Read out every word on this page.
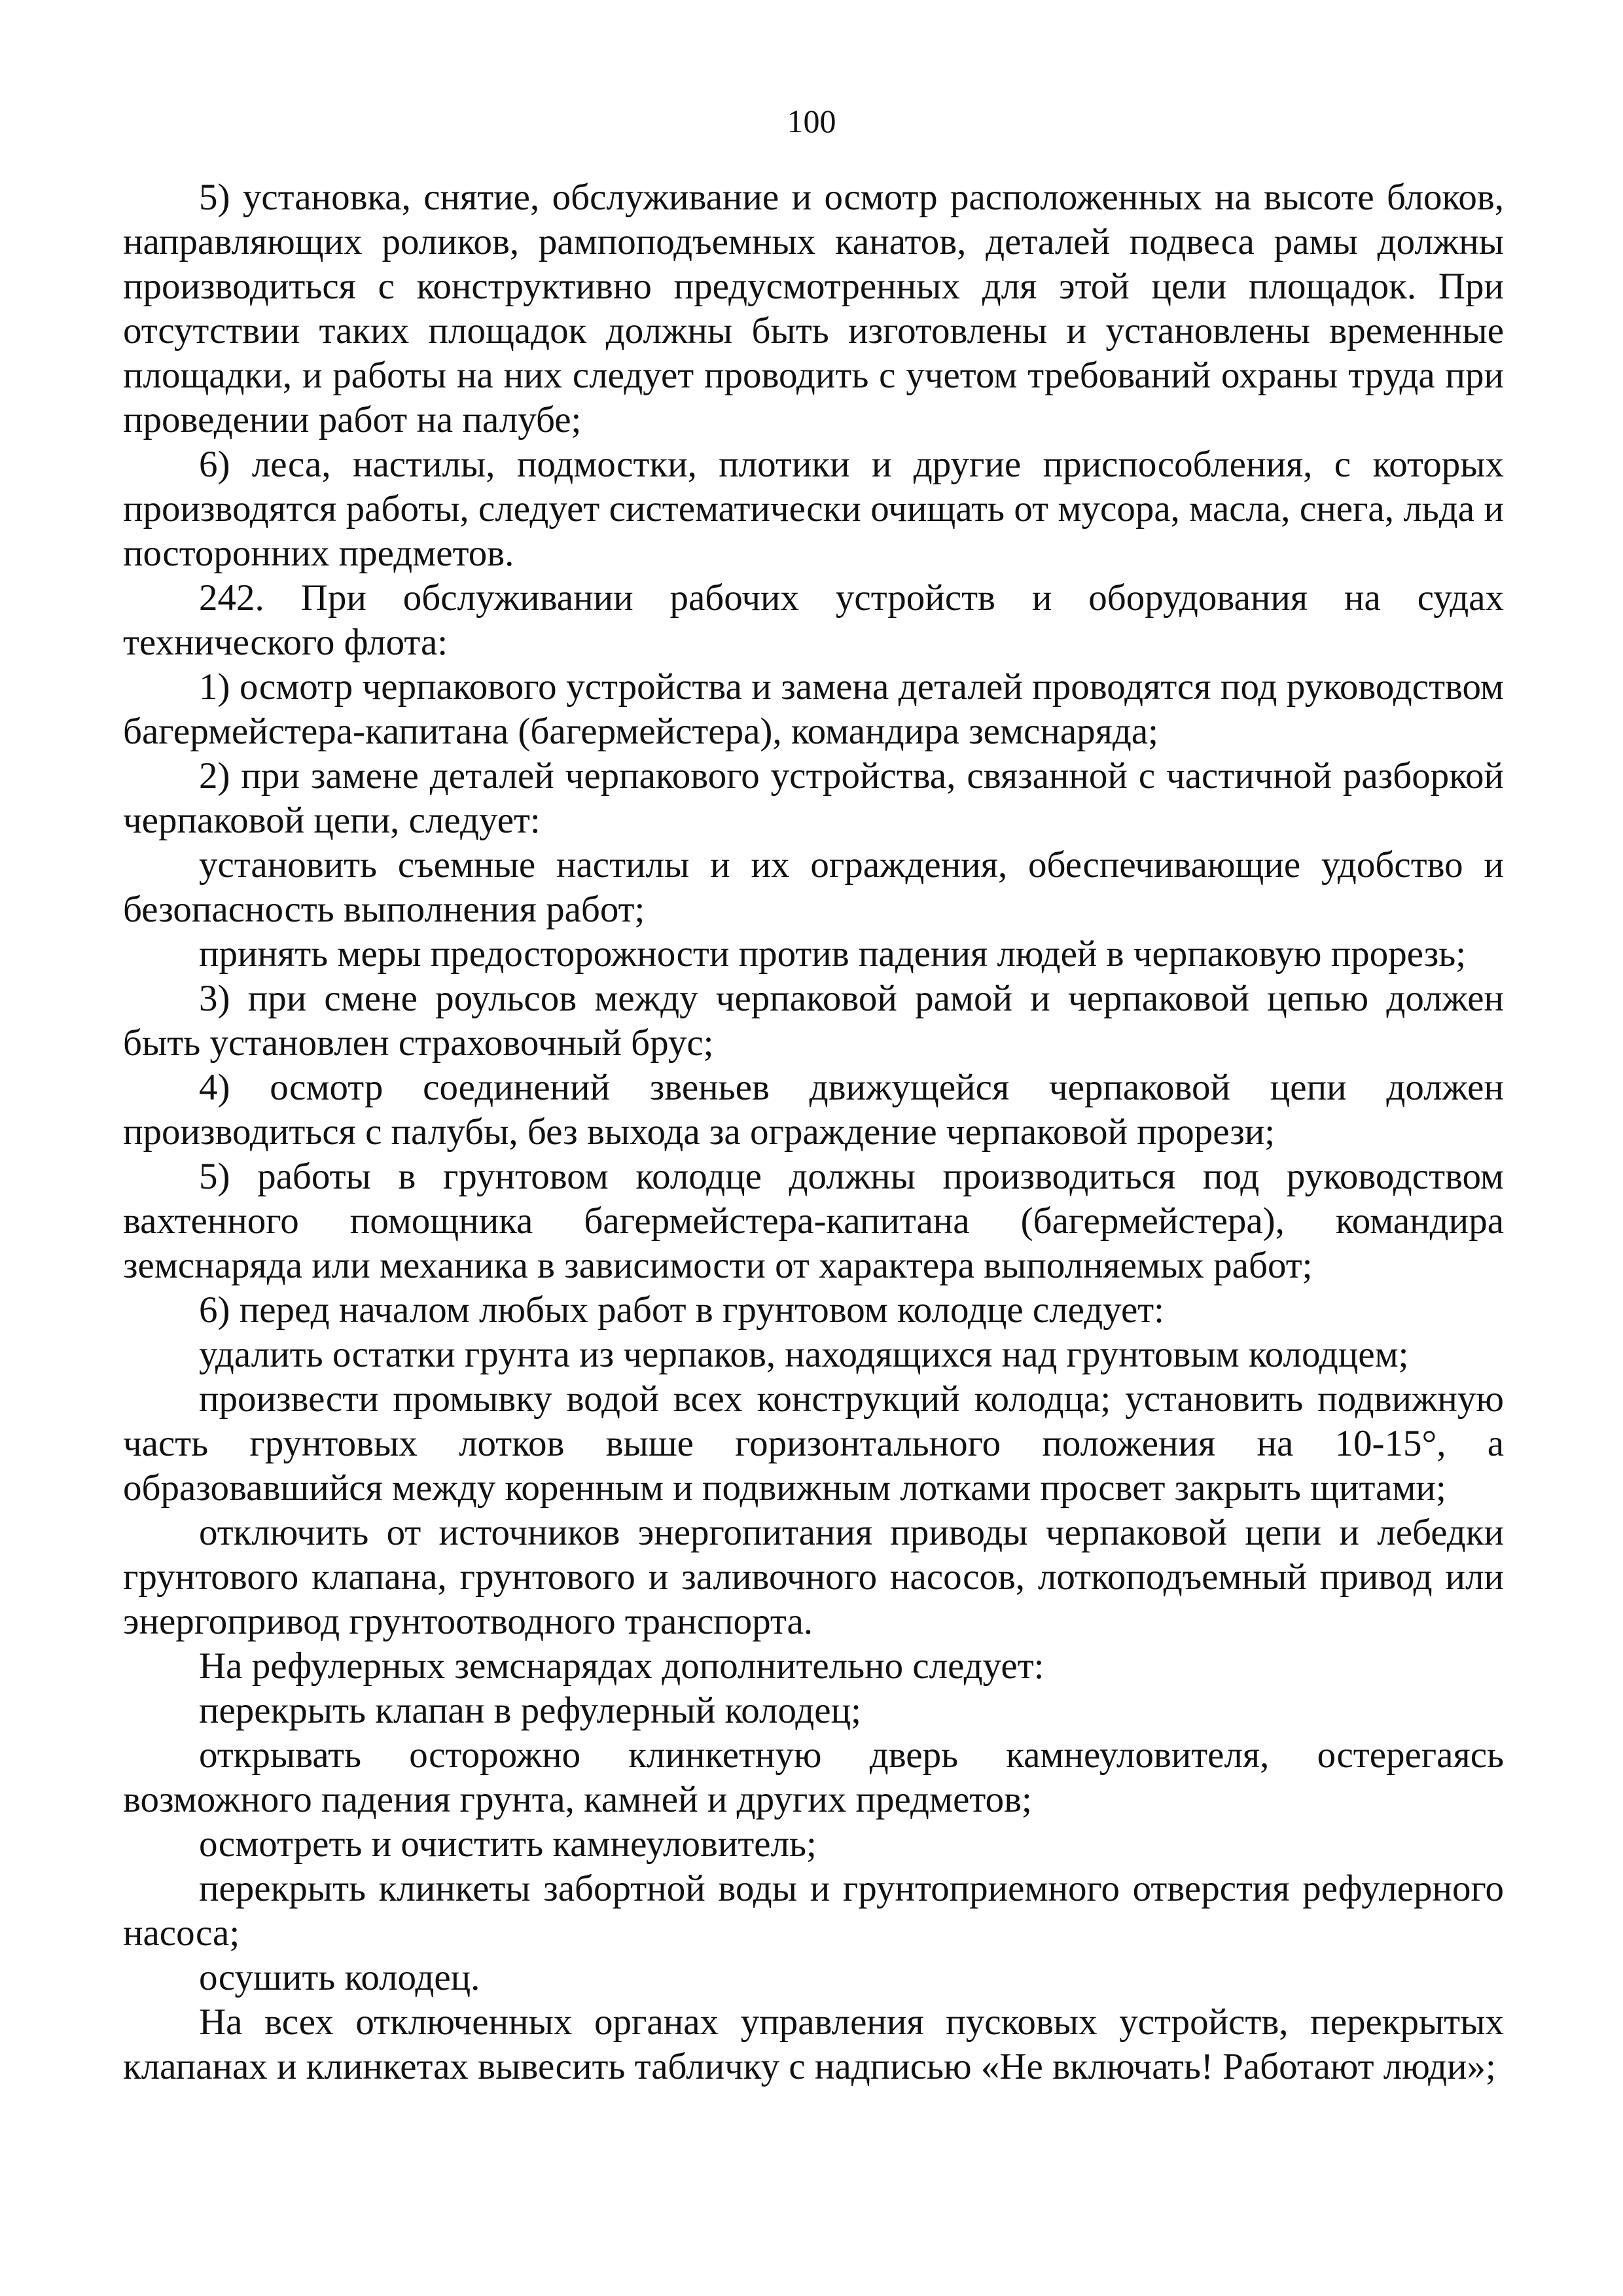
100

5) установка, снятие, обслуживание и осмотр расположенных на высоте блоков, направляющих роликов, рампоподъемных канатов, деталей подвеса рамы должны производиться с конструктивно предусмотренных для этой цели площадок. При отсутствии таких площадок должны быть изготовлены и установлены временные площадки, и работы на них следует проводить с учетом требований охраны труда при проведении работ на палубе;

6) леса, настилы, подмостки, плотики и другие приспособления, с которых производятся работы, следует систематически очищать от мусора, масла, снега, льда и посторонних предметов.

242. При обслуживании рабочих устройств и оборудования на судах технического флота:

1) осмотр черпакового устройства и замена деталей проводятся под руководством багермейстера-капитана (багермейстера), командира земснаряда;

2) при замене деталей черпакового устройства, связанной с частичной разборкой черпаковой цепи, следует:

установить съемные настилы и их ограждения, обеспечивающие удобство и безопасность выполнения работ;

принять меры предосторожности против падения людей в черпаковую прорезь;

3) при смене роульсов между черпаковой рамой и черпаковой цепью должен быть установлен страховочный брус;

4) осмотр соединений звеньев движущейся черпаковой цепи должен производиться с палубы, без выхода за ограждение черпаковой прорези;

5) работы в грунтовом колодце должны производиться под руководством вахтенного помощника багермейстера-капитана (багермейстера), командира земснаряда или механика в зависимости от характера выполняемых работ;

6) перед началом любых работ в грунтовом колодце следует:

удалить остатки грунта из черпаков, находящихся над грунтовым колодцем;

произвести промывку водой всех конструкций колодца; установить подвижную часть грунтовых лотков выше горизонтального положения на 10-15°, а образовавшийся между коренным и подвижным лотками просвет закрыть щитами;

отключить от источников энергопитания приводы черпаковой цепи и лебедки грунтового клапана, грунтового и заливочного насосов, лоткоподъемный привод или энергопривод грунтоотводного транспорта.

На рефулерных земснарядах дополнительно следует:

перекрыть клапан в рефулерный колодец;

открывать осторожно клинкетную дверь камнеуловителя, остерегаясь возможного падения грунта, камней и других предметов;

осмотреть и очистить камнеуловитель;

перекрыть клинкеты забортной воды и грунтоприемного отверстия рефулерного насоса;

осушить колодец.

На всех отключенных органах управления пусковых устройств, перекрытых клапанах и клинкетах вывесить табличку с надписью «Не включать! Работают люди»;
